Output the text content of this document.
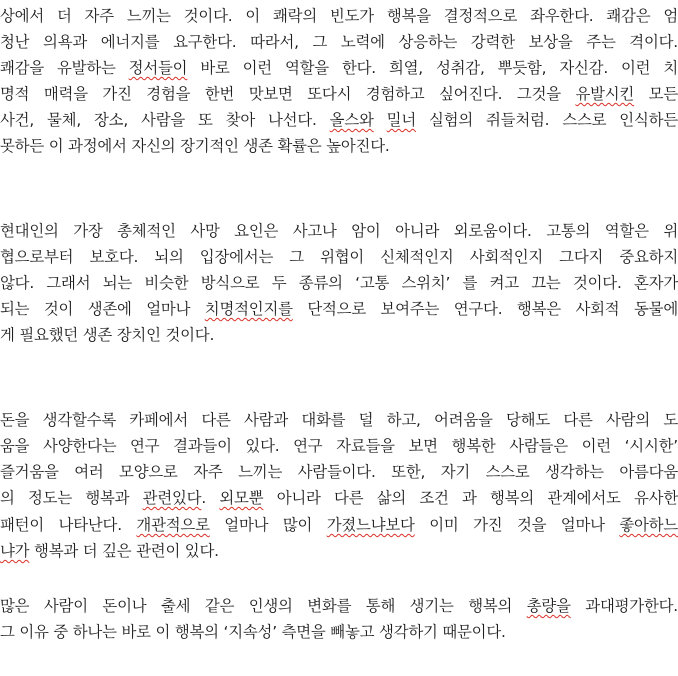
상에서 더 자주 느끼는 것이다. 이 쾌락의 빈도가 행복을 결정적으로 좌우한다. 쾌감은 엄
청난 의욕과 에너지를 요구한다. 따라서, 그 노력에 상응하는 강력한 보상을 주는 격이다.
쾌감을 유발하는 정서들이 바로 이런 역할을 한다. 희열, 성취감, 뿌듯함, 자신감. 이런 치
명적 매력을 가진 경험을 한번 맛보면 또다시 경험하고 싶어진다. 그것을 유발시킨 모든
사건, 물체, 장소, 사람을 또 찾아 나선다. 올스와 밀너 실험의 쥐들처럼. 스스로 인식하든
못하든 이 과정에서 자신의 장기적인 생존 확률은 높아진다.
현대인의 가장 총체적인 사망 요인은 사고나 암이 아니라 외로움이다. 고통의 역할은 위
협으로부터 보호다. 뇌의 입장에서는 그 위협이 신체적인지 사회적인지 그다지 중요하지
않다. 그래서 뇌는 비슷한 방식으로 두 종류의 ‘고통 스위치’ 를 켜고 끄는 것이다. 혼자가
되는 것이 생존에 얼마나 치명적인지를 단적으로 보여주는 연구다. 행복은 사회적 동물에
게 필요했던 생존 장치인 것이다.
돈을 생각할수록 카페에서 다른 사람과 대화를 덜 하고, 어려움을 당해도 다른 사람의 도
움을 사양한다는 연구 결과들이 있다. 연구 자료들을 보면 행복한 사람들은 이런 ‘시시한’
즐거움을 여러 모양으로 자주 느끼는 사람들이다. 또한, 자기 스스로 생각하는 아름다움
의 정도는 행복과 관련있다. 외모뿐 아니라 다른 삶의 조건 과 행복의 관계에서도 유사한
패턴이 나타난다. 개관적으로 얼마나 많이 가졌느냐보다 이미 가진 것을 얼마나 좋아하느
냐가 행복과 더 깊은 관련이 있다.
많은 사람이 돈이나 출세 같은 인생의 변화를 통해 생기는 행복의 총량을 과대평가한다.
그 이유 중 하나는 바로 이 행복의 ‘지속성’ 측면을 빼놓고 생각하기 때문이다.
